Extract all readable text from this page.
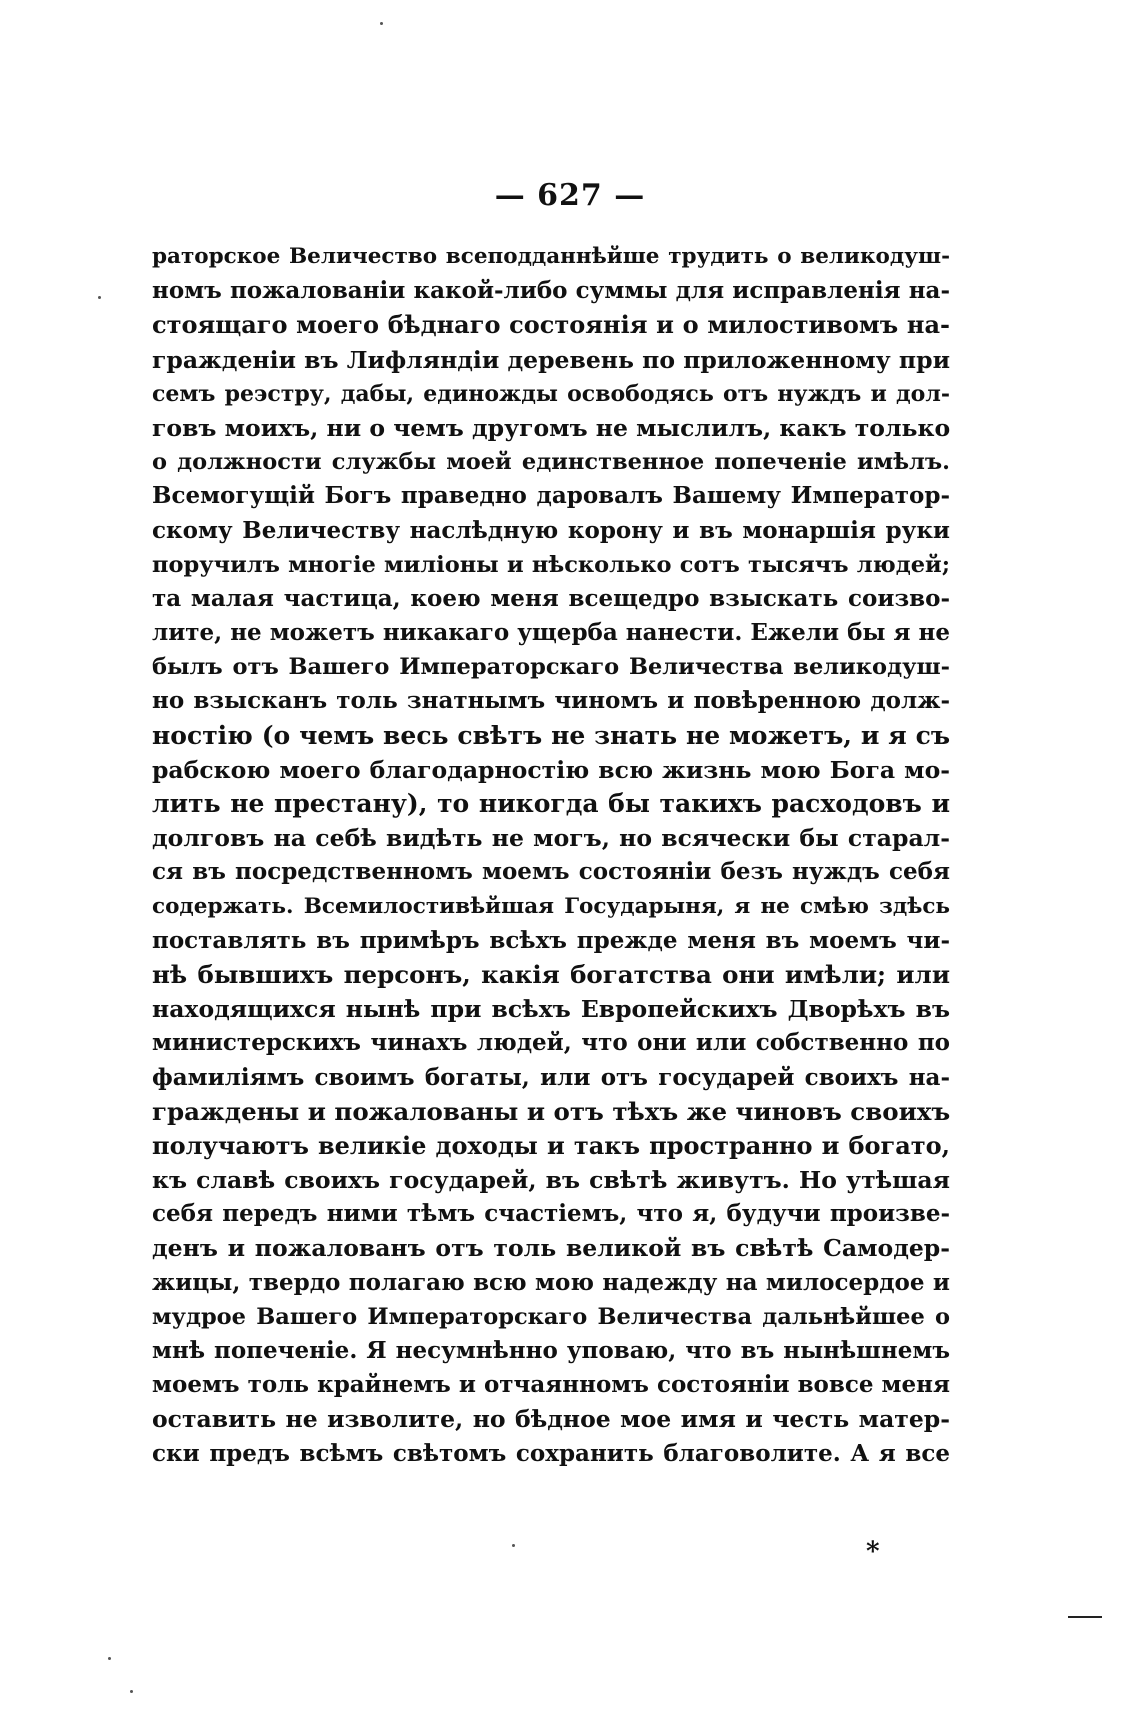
— 627 —
раторское Величество всеподданнѣйше трудить о великодуш-
номъ пожалованіи какой-либо суммы для исправленія на-
стоящаго моего бѣднаго состоянія и о милостивомъ на-
гражденіи въ Лифляндіи деревень по приложенному при
семъ реэстру, дабы, единожды освободясь отъ нуждъ и дол-
говъ моихъ, ни о чемъ другомъ не мыслилъ, какъ только
о должности службы моей единственное попеченіе имѣлъ.
Всемогущій Богъ праведно даровалъ Вашему Император-
скому Величеству наслѣдную корону и въ монаршія руки
поручилъ многіе миліоны и нѣсколько сотъ тысячъ людей;
та малая частица, коею меня всещедро взыскать соизво-
лите, не можетъ никакаго ущерба нанести. Ежели бы я не
былъ отъ Вашего Императорскаго Величества великодуш-
но взысканъ толь знатнымъ чиномъ и повѣренною долж-
ностію (о чемъ весь свѣтъ не знать не можетъ, и я съ
рабскою моего благодарностію всю жизнь мою Бога мо-
лить не престану), то никогда бы такихъ расходовъ и
долговъ на себѣ видѣть не могъ, но всячески бы старал-
ся въ посредственномъ моемъ состояніи безъ нуждъ себя
содержать. Всемилостивѣйшая Государыня, я не смѣю здѣсь
поставлять въ примѣръ всѣхъ прежде меня въ моемъ чи-
нѣ бывшихъ персонъ, какія богатства они имѣли; или
находящихся нынѣ при всѣхъ Европейскихъ Дворѣхъ въ
министерскихъ чинахъ людей, что они или собственно по
фамиліямъ своимъ богаты, или отъ государей своихъ на-
граждены и пожалованы и отъ тѣхъ же чиновъ своихъ
получаютъ великіе доходы и такъ пространно и богато,
къ славѣ своихъ государей, въ свѣтѣ живутъ. Но утѣшая
себя передъ ними тѣмъ счастіемъ, что я, будучи произве-
денъ и пожалованъ отъ толь великой въ свѣтѣ Самодер-
жицы, твердо полагаю всю мою надежду на милосердое и
мудрое Вашего Императорскаго Величества дальнѣйшее о
мнѣ попеченіе. Я несумнѣнно уповаю, что въ нынѣшнемъ
моемъ толь крайнемъ и отчаянномъ состояніи вовсе меня
оставить не изволите, но бѣдное мое имя и честь матер-
ски предъ всѣмъ свѣтомъ сохранить благоволите. А я все
*
